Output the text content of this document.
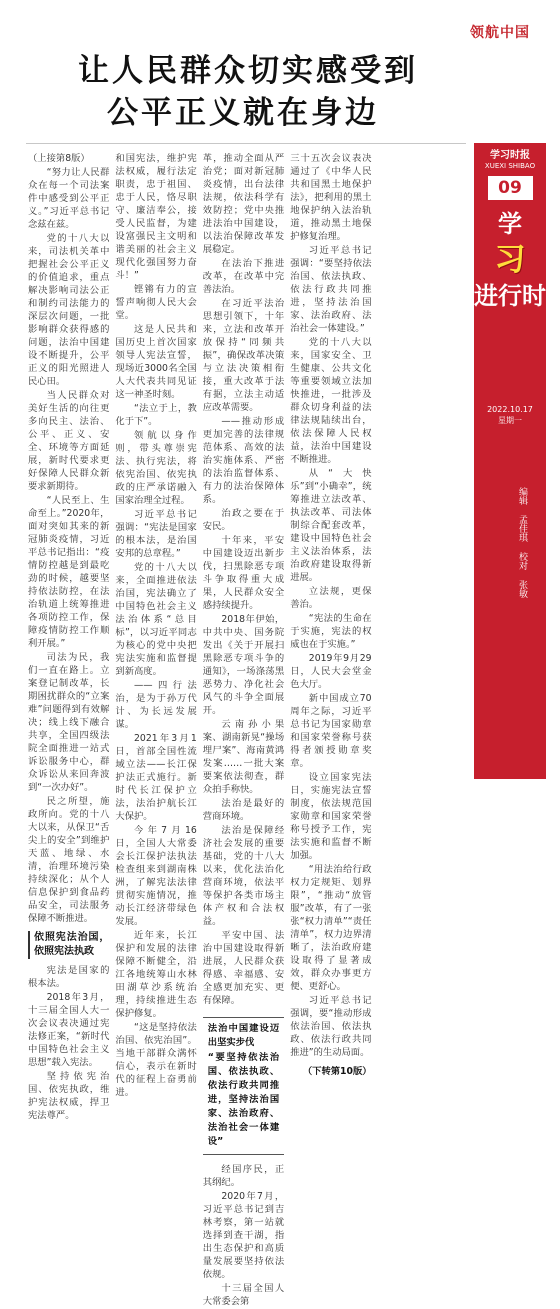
领航中国
让人民群众切实感受到
公平正义就在身边

（上接第8版）

“努力让人民群众在每一个司法案件中感受到公平正义。”习近平总书记念兹在兹。

党的十八大以来，司法机关革中把握社会公平正义的价值追求，重点解决影响司法公正和制约司法能力的深层次问题，一批影响群众获得感的问题，法治中国建设不断提升，公平正义的阳光照进人民心田。

当人民群众对美好生活的向往更多向民主、法治、公平、正义、安全、环境等方面延展，新时代要求更好保障人民群众新要求新期待。

“人民至上、生命至上。”2020年，面对突如其来的新冠肺炎疫情，习近平总书记指出：“疫情防控越是到最吃劲的时候，越要坚持依法防控，在法治轨道上统筹推进各项防控工作，保障疫情防控工作顺利开展。”

司法为民，我们一直在路上。立案登记制改革，长期困扰群众的“立案难”问题得到有效解决；线上线下融合共享，全国四级法院全面推进一站式诉讼服务中心，群众诉讼从来回奔波到“一次办好”。

民之所望，施政所向。党的十八大以来，从保卫“舌尖上的安全”到维护天蓝、地绿、水清，治理环境污染持续深化；从个人信息保护到食品药品安全，司法服务保障不断推进。

依照宪法治国，依照宪法执政

宪法是国家的根本法。

2018年3月，十三届全国人大一次会议表决通过宪法修正案，“新时代中国特色社会主义思想”载入宪法。

坚持依宪治国、依宪执政，维护宪法权威，捍卫宪法尊严。

和国宪法，维护宪法权威，履行法定职责，忠于祖国、忠于人民，恪尽职守、廉洁奉公，接受人民监督，为建设富强民主文明和谐美丽的社会主义现代化强国努力奋斗！”

铿锵有力的宣誓声响彻人民大会堂。

这是人民共和国历史上首次国家领导人宪法宣誓，现场近3000名全国人大代表共同见证这一神圣时刻。

“法立于上，教化于下”。

领航以身作则，带头尊崇宪法、执行宪法，将依宪治国、依宪执政的庄严承诺融入国家治理全过程。

习近平总书记强调：“宪法是国家的根本法，是治国安邦的总章程。”

党的十八大以来，全面推进依法治国，宪法确立了中国特色社会主义法治体系“总目标”，以习近平同志为核心的党中央把宪法实施和监督提到新高度。

——四行法治，是为于孙万代计、为长远发展谋。

2021年3月1日，首部全国性流域立法——长江保护法正式施行。新时代长江保护立法，法治护航长江大保护。

今年7月16日，全国人大常委会长江保护法执法检查组来到湖南株洲，了解宪法法律贯彻实施情况，推动长江经济带绿色发展。

近年来，长江保护和发展的法律保障不断健全，沿江各地统筹山水林田湖草沙系统治理，持续推进生态保护修复。

“这是坚持依法治国、依宪治国”。当地干部群众满怀信心，表示在新时代的征程上奋勇前进。

革，推动全面从严治党；面对新冠肺炎疫情，出台法律法规，依法科学有效防控；党中央推进法治中国建设，以法治保障改革发展稳定。

在法治下推进改革，在改革中完善法治。

在习近平法治思想引领下，十年来，立法和改革开放保持“同频共振”，确保改革决策与立法决策相衔接，重大改革于法有据，立法主动适应改革需要。

——推动形成更加完善的法律规范体系、高效的法治实施体系、严密的法治监督体系、有力的法治保障体系。

治政之要在于安民。

十年来，平安中国建设迈出新步伐，扫黑除恶专项斗争取得重大成果，人民群众安全感持续提升。

2018年伊始，中共中央、国务院发出《关于开展扫黑除恶专项斗争的通知》，一场涤荡黑恶势力、净化社会风气的斗争全面展开。

云南孙小果案、湖南新晃“操场埋尸案”、海南黄鸿发案……一批大案要案依法彻查，群众拍手称快。

法治是最好的营商环境。

法治是保障经济社会发展的重要基础，党的十八大以来，优化法治化营商环境，依法平等保护各类市场主体产权和合法权益。

平安中国、法治中国建设取得新进展，人民群众获得感、幸福感、安全感更加充实、更有保障。

法治中国建设迈出坚实步伐

“要坚持依法治国、依法执政、依法行政共同推进，坚持法治国家、法治政府、法治社会一体建设”

经国序民，正其纲纪。

2020年7月，习近平总书记到吉林考察，第一站就选择到查干湖，指出生态保护和高质量发展要坚持依法依规。

十三届全国人大常委会第

三十五次会议表决通过了《中华人民共和国黑土地保护法》，把利用的黑土地保护纳入法治轨道，推动黑土地保护修复治理。

习近平总书记强调：“要坚持依法治国、依法执政、依法行政共同推进，坚持法治国家、法治政府、法治社会一体建设。”

党的十八大以来，国家安全、卫生健康、公共文化等重要领域立法加快推进，一批涉及群众切身利益的法律法规陆续出台，依法保障人民权益，法治中国建设不断推进。

从“大快乐”到“小确幸”，统筹推进立法改革、执法改革、司法体制综合配套改革，建设中国特色社会主义法治体系，法治政府建设取得新进展。

立法规，更保善治。

“宪法的生命在于实施，宪法的权威也在于实施。”

2019年9月29日，人民大会堂金色大厅。

新中国成立70周年之际，习近平总书记为国家勋章和国家荣誉称号获得者颁授勋章奖章。

设立国家宪法日，实施宪法宣誓制度，依法规范国家勋章和国家荣誉称号授予工作，宪法实施和监督不断加强。

“用法治给行政权力定规矩、划界限”，“推动“放管服”改革，有了一张张“权力清单”“责任清单”，权力边界清晰了，法治政府建设取得了显著成效，群众办事更方便、更舒心。

习近平总书记强调，要“推动形成依法治国、依法执政、依法行政共同推进”的生动局面。

（下转第10版）
学习时报
XUEXI SHIBAO
09
学
习
进行时
2022.10.17
星期一
编辑 孟佳琪 校对 张敏
